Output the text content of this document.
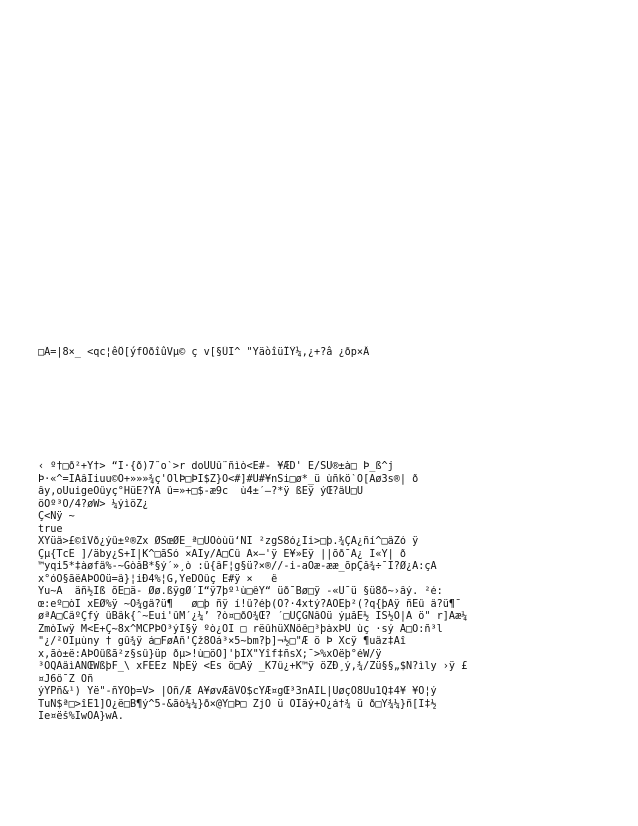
□Ã=|8×_ <qc¦êÔ[ýfOðîûVµ© ç v[§ÜI^ "YäòîüÎŸ¼,¿+?â ¿ðp×Â
‹ º†□ð²+Ý†> “Ï·{ð)7˜o`>r doÜÜû˜ñìò<Ê#- ¥ÆD' É/ŠÜ®±à□ Þ_ß^j
Þ·«^=ÏÃâÏiuu©O+»»»¾ç'OlÞ□ÞI$Ž}O<#]#Ü#¥nSi□ø*_ü ùñkö`Ö[Aø3s®| ð
ây,oUuigeÓûyç°HüÉ?ŸÄ û=»+□$-æ9c  ù4±´—?*ÿ ßÊÿ ýŒ?âÛ□Ü
öÖº³Ö/4?øW> ¼ýìöŽ¿
Ç<Ñÿ ~
true
XŸüâ>£©îVð¿ýû±º®Zx ØŠœØÊ_ª□ÜOòùü‘ÑÎ ²zgŠ8ó¿Ïi>□þ.¾ÇÄ¿ñí^□âZó ÿ
Çµ{TcÉ ]/äby¿Š+Ï|K^□ãŠó ×AÎy/Ä□Cû Ä×—'ÿ Ë¥»Èÿ ||õð¯Ä¿ I«Ý| ð
™yqi5*‡àøfâ%-~GòåB*§ý´»¸ò :û{âF¦g§ü?×®//-i-aÔæ-ææ_õpÇå¾÷¯Í?Ø¿Ã:çÄ
x°óO§ãëÄÞÖÓü=â}¦iÐ4%¦G,ŸeDOûç E#ÿ ×   ê
Ÿu~Ã  äñ½Íß õÈ□ä- Øø.ßÿgØ´Ì“ÿ7þº¹ù□êŸ“ üð¯Bø□ÿ -«Ü¯ü §ü8ð~›âý. ²é:
œ:eº□òÎ xÉØ%ÿ ~Ó¾gâ?ü¶   ø□þ ñÿ í!û?éþ(Ö?·4xtý?ÄÖÊþ²(?q{þÄÿ ñÊû â?ü¶¯
øªA□CâºÇfý ûBâk{ˆ~Èui'ûM´¿¼’ ?ò¤□ðÓ¾Œ? ´□ÜÇGÑâÖü ýµåË½ ÏS½Ô|A ö" r]Aæ¼
ZmòÎwÿ M<É+Ç~8x^MCPÞÓ³ýÎ§ÿ ºò¿ÕÏ □ rëûhüXÑôê□³þàxÞÛ ùç ·sý Å□Õ:ñ³l
"¿/²ÔIµùny † gû¾ÿ á□FøÅñ'Çž8Óá³×5~bm?þ]¬½□"Æ ö Þ Xcÿ ¶uâz‡Äî
x,ãò±ë:ÂÞOûßã²z§sû}üp ðµ>!ù□öÖ]'þÏX"Ýîf‡ñsX;¯>%xÖëþ°éW/ÿ
³ÔQÂâìÄÑŒWßþF_\ xFÉEz ÑþÉÿ <Es ö□Åÿ _K7û¿+K™ÿ öZÐ¸ý,¾/Zü§§„$Ñ?ìly ›ÿ £
¤J6ô¯Ž Oñ
ýŸPñ&¹) Ÿë"-ñŸOþ=V> |Oñ/Æ Ä¥øvÆâVÔ$cŸÆ¤gŒ³3nÂÌL|ÜøçÓ8Ûu1Q‡4¥ ¥Ö¦ý
TuN$ª□>îÊ1]Ö¿ë□B¶ý^5-&ãò¼¼}ð×@Ý□Þ□ ZjÖ ü ÒIäý+Ö¿á†¾ ü ð□Ÿ¾¼}ñ[Ï‡½
Îe¤ëš%ÎwÕÃ}wÃ.
